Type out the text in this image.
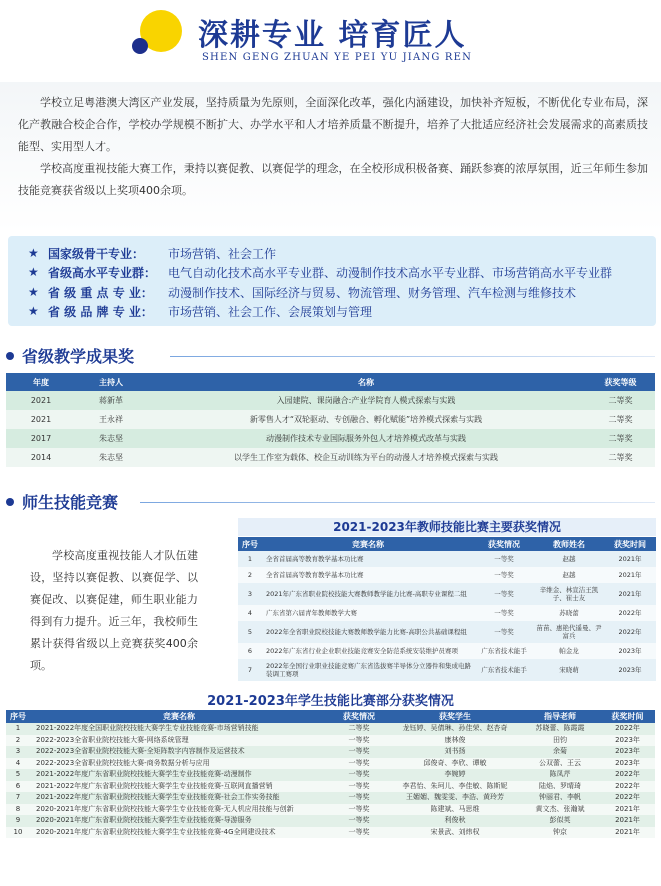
深耕专业 培育匠人
SHEN GENG ZHUAN YE PEI YU JIANG REN

学校立足粤港澳大湾区产业发展，坚持质量为先原则，全面深化改革，强化内涵建设，加快补齐短板，不断优化专业布局，深化产教融合校企合作，学校办学规模不断扩大、办学水平和人才培养质量不断提升，培养了大批适应经济社会发展需求的高素质技能型、实用型人才。

学校高度重视技能大赛工作，秉持以赛促教、以赛促学的理念，在全校形成积极备赛、踊跃参赛的浓厚氛围，近三年师生参加技能竞赛获省级以上奖项400余项。

★ 国家级骨干专业：	市场营销、社会工作
★ 省级高水平专业群： 电气自动化技术高水平专业群、动漫制作技术高水平专业群、市场营销高水平专业群
★ 省 级 重 点 专 业：	动漫制作技术、国际经济与贸易、物流管理、财务管理、汽车检测与维修技术
★ 省 级 品 牌 专 业：	市场营销、社会工作、会展策划与管理
省级教学成果奖
年度	主持人	名称	获奖等级
2021	蒋新革	入园建院、课岗融合:产业学院育人模式探索与实践	二等奖
2021	王永祥	新零售人才“双轮驱动、专创融合、孵化赋能”培养模式探索与实践	二等奖
2017	朱志坚	动漫制作技术专业国际服务外包人才培养模式改革与实践	二等奖
2014	朱志坚	以学生工作室为载体、校企互动训练为平台的动漫人才培养模式探索与实践	二等奖
师生技能竞赛

学校高度重视技能人才队伍建设，坚持以赛促教、以赛促学、以赛促改、以赛促建，师生职业能力得到有力提升。近三年，我校师生累计获得省级以上竞赛获奖400余项。

2021-2023年教师技能比赛主要获奖情况
序号	竞赛名称	获奖情况	教师姓名	获奖时间
1	全省首届高等教育教学基本功比赛	一等奖	赵越	2021年
2	全省首届高等教育教学基本功比赛	一等奖	赵越	2021年
3	2021年广东省职业院校技能大赛教师教学能力比赛-高职专业课程二组	一等奖	辛维金、林宣洁王凯子、崔士友	2021年
4	广东省第六届青年教师教学大赛	一等奖	苏晓蕾	2022年
5	2022年全省职业院校技能大赛教师教学能力比赛-高职公共基础课程组	一等奖	苗苗、惠艳代遥曼、尹富兵	2022年
6	2022年广东省行业企业职业技能竞赛安全防范系统安装维护员赛项	广东省技术能手	帕金龙	2023年
7	2022年全国行业职业技能竞赛广东省选拔赛半导体分立器件和集成电路装调工赛项	广东省技术能手	宋晓萌	2023年
2021-2023年学生技能比赛部分获奖情况
序号	竞赛名称	获奖情况	获奖学生	指导老师	获奖时间
1	2021-2022年度全国职业院校技能大赛学生专业技能竞赛-市场营销技能	二等奖	龙钰婷、吴倩琳、孙佳荣、赵杏奇	苏晓蕾、陈霞霞	2022年
2	2022-2023全省职业院校技能大赛-网络系统管理	一等奖	康林俊	田钧	2023年
3	2022-2023全省职业院校技能大赛-全矩阵数字内容制作及运营技术	一等奖	刘书扬	余菊	2023年
4	2022-2023全省职业院校技能大赛-商务数据分析与应用	一等奖	邱俊奇、李欣、谭敏	公双蕾、王云	2023年
5	2021-2022年度广东省职业院校技能大赛学生专业技能竞赛-动漫制作	一等奖	李婉婷	陈凤芹	2022年
6	2021-2022年度广东省职业院校技能大赛学生专业技能竞赛-互联网直播营销	一等奖	李君怡、朱珂儿、李佳敏、陈斯妮	陆焰、罗晴琦	2022年
7	2021-2022年度广东省职业院校技能大赛学生专业技能竞赛-社会工作实务技能	一等奖	王媚媚、魏雯雯、李浩、黄玲芳	钟丽君、李帆	2022年
8	2020-2021年度广东省职业院校技能大赛学生专业技能竞赛-无人机应用技能与创新	一等奖	陈建斌、马思维	黄文杰、张瀚斌	2021年
9	2020-2021年度广东省职业院校技能大赛学生专业技能竞赛-导游服务	一等奖	利俊秋	彭似英	2021年
10	2020-2021年度广东省职业院校技能大赛学生专业技能竞赛-4G全网建设技术	一等奖	宋景武、刘炜权	钟京	2021年
